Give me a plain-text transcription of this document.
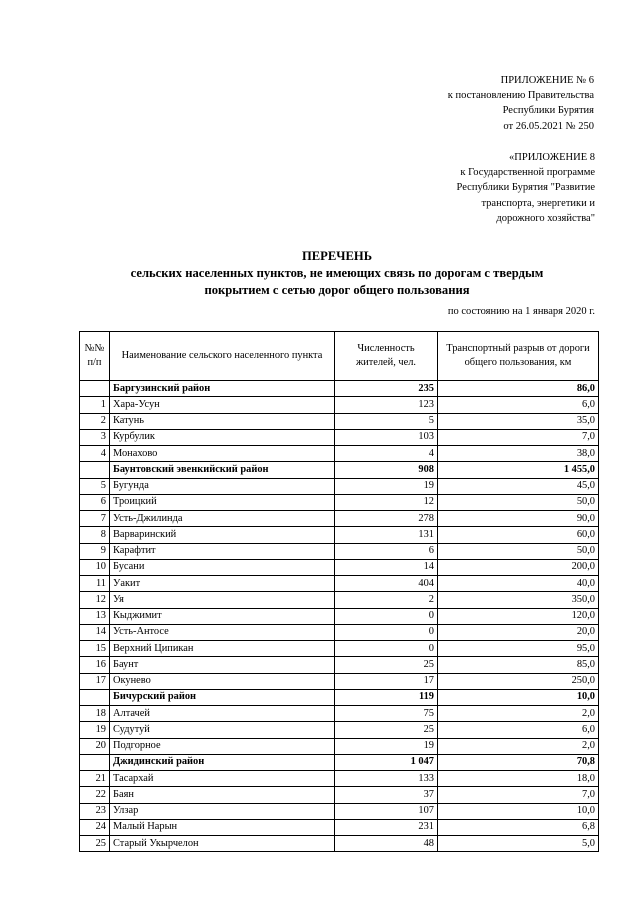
ПРИЛОЖЕНИЕ № 6
к постановлению Правительства
Республики Бурятия
от 26.05.2021 № 250
«ПРИЛОЖЕНИЕ 8
к Государственной программе
Республики Бурятия "Развитие
транспорта, энергетики и
дорожного хозяйства"
ПЕРЕЧЕНЬ
сельских населенных пунктов, не имеющих связь по дорогам с твердым
покрытием с сетью дорог общего пользования
по состоянию на 1 января 2020 г.
№№ п/п	Наименование сельского населенного пункта	Численность жителей, чел.	Транспортный разрыв от дороги общего пользования, км
	Баргузинский район	235	86,0
1	Хара-Усун	123	6,0
2	Катунь	5	35,0
3	Курбулик	103	7,0
4	Монахово	4	38,0
	Баунтовский эвенкийский район	908	1 455,0
5	Бугунда	19	45,0
6	Троицкий	12	50,0
7	Усть-Джилинда	278	90,0
8	Варваринский	131	60,0
9	Карафтит	6	50,0
10	Бусани	14	200,0
11	Уакит	404	40,0
12	Уя	2	350,0
13	Кыджимит	0	120,0
14	Усть-Антосе	0	20,0
15	Верхний Ципикан	0	95,0
16	Баунт	25	85,0
17	Окунево	17	250,0
	Бичурский район	119	10,0
18	Алтачей	75	2,0
19	Судутуй	25	6,0
20	Подгорное	19	2,0
	Джидинский район	1 047	70,8
21	Тасархай	133	18,0
22	Баян	37	7,0
23	Улзар	107	10,0
24	Малый Нарын	231	6,8
25	Старый Укырчелон	48	5,0
